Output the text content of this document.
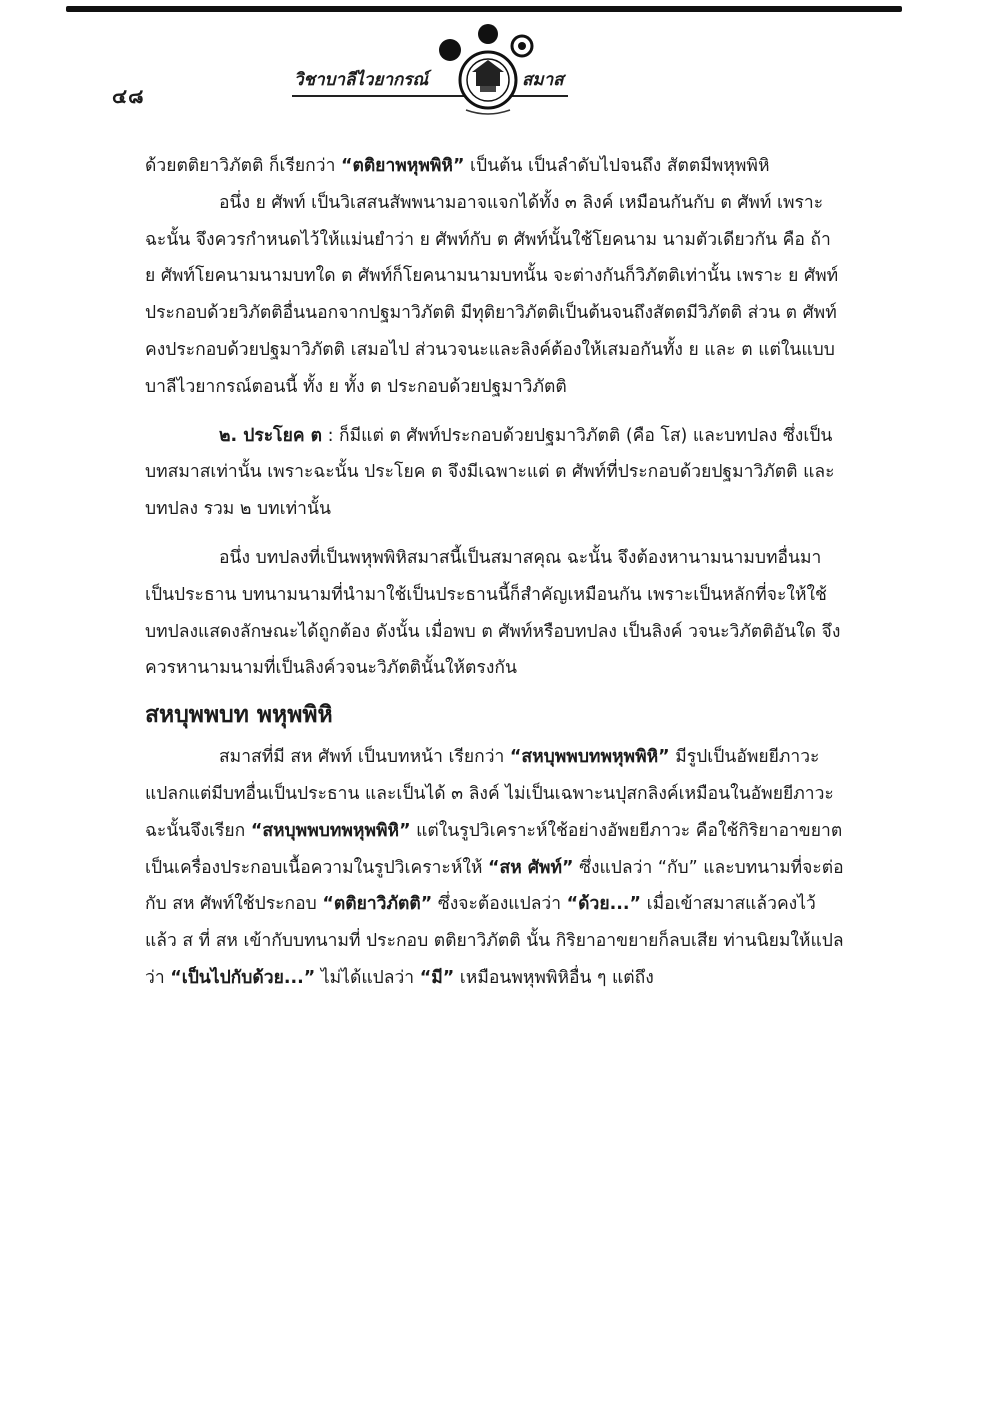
๔๘
วิชาบาลีไวยากรณ์	สมาส

ด้วยตติยาวิภัตติ ก็เรียกว่า “ตติยาพหุพพิหิ” เป็นต้น เป็นลำดับไปจนถึง สัตตมีพหุพพิหิ

อนึ่ง ย ศัพท์ เป็นวิเสสนสัพพนามอาจแจกได้ทั้ง ๓ ลิงค์ เหมือนกันกับ ต ศัพท์ เพราะฉะนั้น จึงควรกำหนดไว้ให้แม่นยำว่า ย ศัพท์กับ ต ศัพท์นั้นใช้โยคนาม นามตัวเดียวกัน คือ ถ้า ย ศัพท์โยคนามนามบทใด ต ศัพท์ก็โยคนามนามบทนั้น จะต่างกันก็วิภัตติเท่านั้น เพราะ ย ศัพท์ประกอบด้วยวิภัตติอื่นนอกจากปฐมาวิภัตติ มีทุติยาวิภัตติเป็นต้นจนถึงสัตตมีวิภัตติ ส่วน ต ศัพท์ คงประกอบด้วยปฐมาวิภัตติ เสมอไป ส่วนวจนะและลิงค์ต้องให้เสมอกันทั้ง ย และ ต แต่ในแบบบาลีไวยากรณ์ตอนนี้ ทั้ง ย ทั้ง ต ประกอบด้วยปฐมาวิภัตติ

๒. ประโยค ต : ก็มีแต่ ต ศัพท์ประกอบด้วยปฐมาวิภัตติ (คือ โส) และบทปลง ซึ่งเป็นบทสมาสเท่านั้น เพราะฉะนั้น ประโยค ต จึงมีเฉพาะแต่ ต ศัพท์ที่ประกอบด้วยปฐมาวิภัตติ และบทปลง รวม ๒ บทเท่านั้น

อนึ่ง บทปลงที่เป็นพหุพพิหิสมาสนี้เป็นสมาสคุณ ฉะนั้น จึงต้องหานามนามบทอื่นมาเป็นประธาน บทนามนามที่นำมาใช้เป็นประธานนี้ก็สำคัญเหมือนกัน เพราะเป็นหลักที่จะให้ใช้บทปลงแสดงลักษณะได้ถูกต้อง ดังนั้น เมื่อพบ ต ศัพท์หรือบทปลง เป็นลิงค์ วจนะวิภัตติอันใด จึงควรหานามนามที่เป็นลิงค์วจนะวิภัตตินั้นให้ตรงกัน

สหบุพพบท พหุพพิหิ

สมาสที่มี สห ศัพท์ เป็นบทหน้า เรียกว่า “สหบุพพบทพหุพพิหิ” มีรูปเป็นอัพยยีภาวะ แปลกแต่มีบทอื่นเป็นประธาน และเป็นได้ ๓ ลิงค์ ไม่เป็นเฉพาะนปุสกลิงค์เหมือนในอัพยยีภาวะ ฉะนั้นจึงเรียก “สหบุพพบทพหุพพิหิ” แต่ในรูปวิเคราะห์ใช้อย่างอัพยยีภาวะ คือใช้กิริยาอาขยาตเป็นเครื่องประกอบเนื้อความในรูปวิเคราะห์ให้ “สห ศัพท์” ซึ่งแปลว่า “กับ” และบทนามที่จะต่อกับ สห ศัพท์ใช้ประกอบ “ตติยาวิภัตติ” ซึ่งจะต้องแปลว่า “ด้วย...” เมื่อเข้าสมาสแล้วคงไว้แล้ว ส ที่ สห เข้ากับบทนามที่ ประกอบ ตติยาวิภัตติ นั้น กิริยาอาขยายก็ลบเสีย ท่านนิยมให้แปลว่า “เป็นไปกับด้วย...” ไม่ได้แปลว่า “มี” เหมือนพหุพพิหิอื่น ๆ แต่ถึง
